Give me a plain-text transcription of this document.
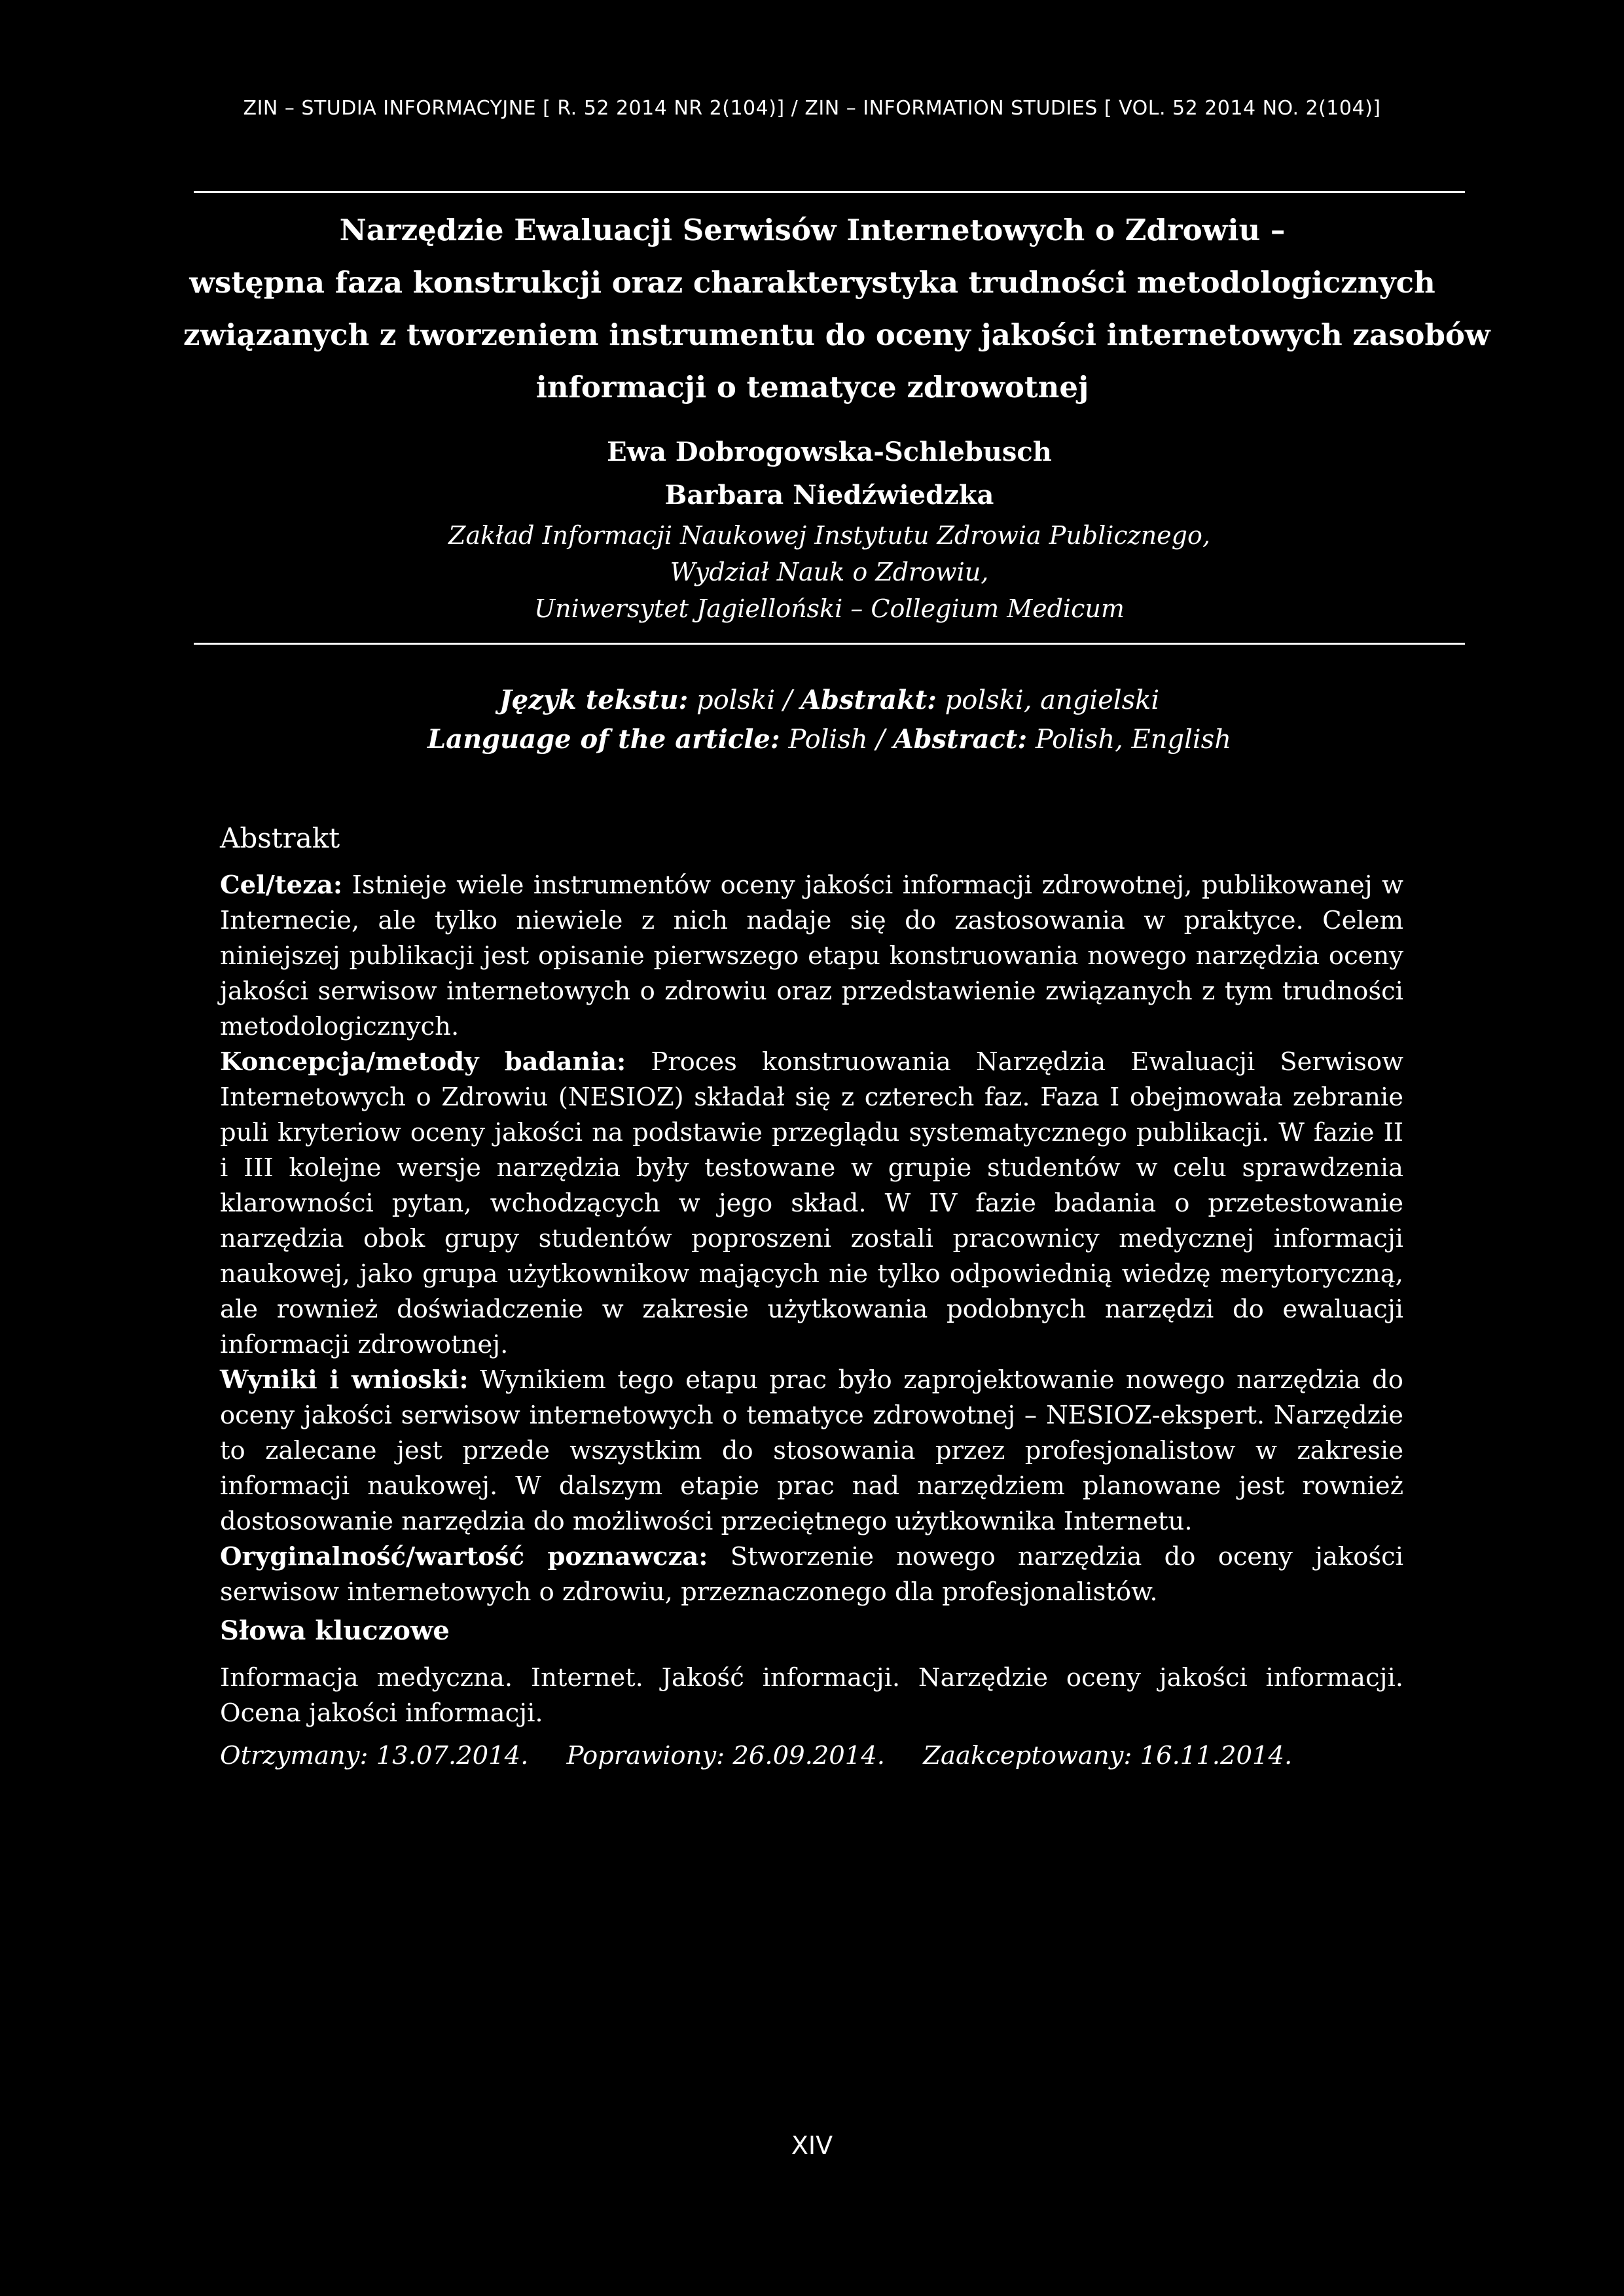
ZIN – STUDIA INFORMACYJNE [ R. 52 2014 NR 2(104)] / ZIN – INFORMATION STUDIES [ VOL. 52 2014 NO. 2(104)]
Narzędzie Ewaluacji Serwisów Internetowych o Zdrowiu –
wstępna faza konstrukcji oraz charakterystyka trudności metodologicznych
związanych z tworzeniem instrumentu do oceny jakości internetowych zasobów
informacji o tematyce zdrowotnej
Ewa Dobrogowska-Schlebusch
Barbara Niedźwiedzka
Zakład Informacji Naukowej Instytutu Zdrowia Publicznego,
Wydział Nauk o Zdrowiu,
Uniwersytet Jagielloński – Collegium Medicum
Język tekstu: polski / Abstrakt: polski, angielski
Language of the article: Polish / Abstract: Polish, English
Abstrakt

Cel/teza: Istnieje wiele instrumentów oceny jakości informacji zdrowotnej, publikowanej w Internecie, ale tylko niewiele z nich nadaje się do zastosowania w praktyce. Celem niniejszej publikacji jest opisanie pierwszego etapu konstruowania nowego narzędzia oceny jakości serwisow internetowych o zdrowiu oraz przedstawienie związanych z tym trudności metodologicznych.

Koncepcja/metody badania: Proces konstruowania Narzędzia Ewaluacji Serwisow Internetowych o Zdrowiu (NESIOZ) składał się z czterech faz. Faza I obejmowała zebranie puli kryteriow oceny jakości na podstawie przeglądu systematycznego publikacji. W fazie II i III kolejne wersje narzędzia były testowane w grupie studentów w celu sprawdzenia klarowności pytan, wchodzących w jego skład. W IV fazie badania o przetestowanie narzędzia obok grupy studentów poproszeni zostali pracownicy medycznej informacji naukowej, jako grupa użytkownikow mających nie tylko odpowiednią wiedzę merytoryczną, ale rownież doświadczenie w zakresie użytkowania podobnych narzędzi do ewaluacji informacji zdrowotnej.

Wyniki i wnioski: Wynikiem tego etapu prac było zaprojektowanie nowego narzędzia do oceny jakości serwisow internetowych o tematyce zdrowotnej – NESIOZ-ekspert. Narzędzie to zalecane jest przede wszystkim do stosowania przez profesjonalistow w zakresie informacji naukowej. W dalszym etapie prac nad narzędziem planowane jest rownież dostosowanie narzędzia do możliwości przeciętnego użytkownika Internetu.

Oryginalność/wartość poznawcza: Stworzenie nowego narzędzia do oceny jakości serwisow internetowych o zdrowiu, przeznaczonego dla profesjonalistów.

Słowa kluczowe
Informacja medyczna. Internet. Jakość informacji. Narzędzie oceny jakości informacji. Ocena jakości informacji.
Otrzymany: 13.07.2014. Poprawiony: 26.09.2014. Zaakceptowany: 16.11.2014.
XIV
